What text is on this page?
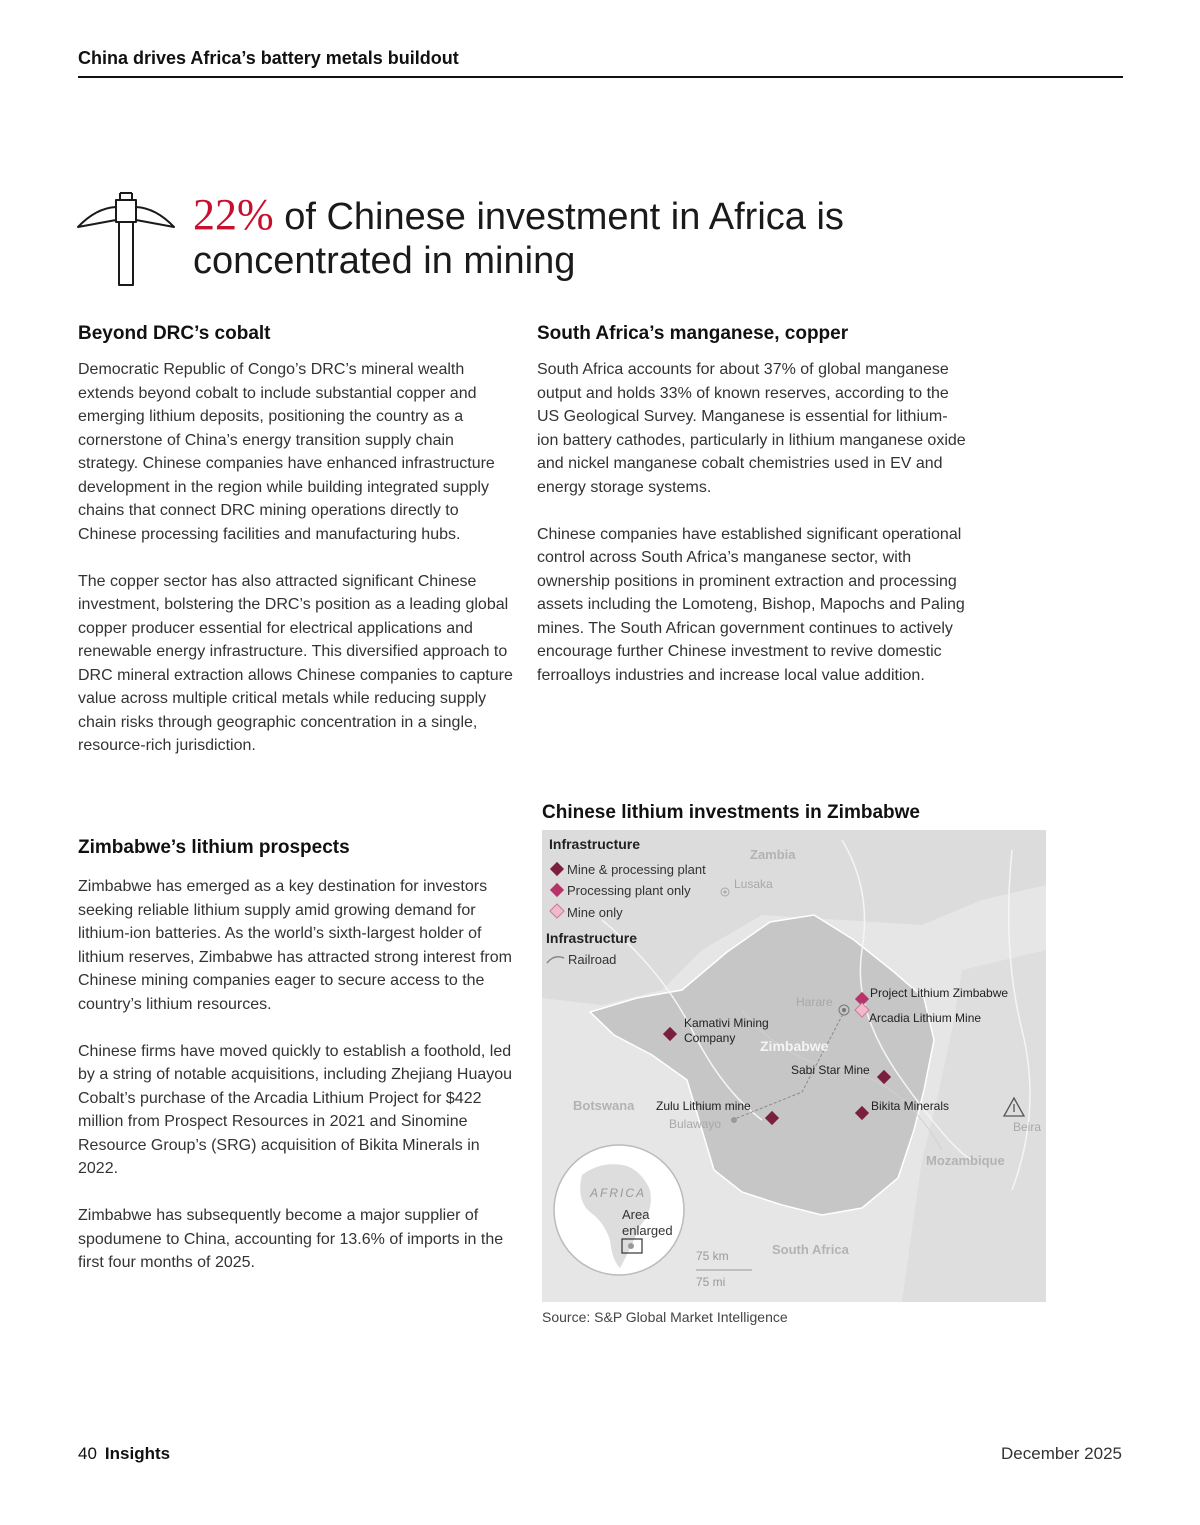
China drives Africa’s battery metals buildout
22% of Chinese investment in Africa is
concentrated in mining
Beyond DRC’s cobalt

Democratic Republic of Congo’s DRC’s mineral wealth extends beyond cobalt to include substantial copper and emerging lithium deposits, positioning the country as a cornerstone of China’s energy transition supply chain strategy. Chinese companies have enhanced infrastructure development in the region while building integrated supply chains that connect DRC mining operations directly to Chinese processing facilities and manufacturing hubs.

The copper sector has also attracted significant Chinese investment, bolstering the DRC’s position as a leading global copper producer essential for electrical applications and renewable energy infrastructure. This diversified approach to DRC mineral extraction allows Chinese companies to capture value across multiple critical metals while reducing supply chain risks through geographic concentration in a single, resource-rich jurisdiction.

Zimbabwe’s lithium prospects

Zimbabwe has emerged as a key destination for investors seeking reliable lithium supply amid growing demand for lithium-ion batteries. As the world’s sixth-largest holder of lithium reserves, Zimbabwe has attracted strong interest from Chinese mining companies eager to secure access to the country’s lithium resources.

Chinese firms have moved quickly to establish a foothold, led by a string of notable acquisitions, including Zhejiang Huayou Cobalt’s purchase of the Arcadia Lithium Project for $422 million from Prospect Resources in 2021 and Sinomine Resource Group’s (SRG) acquisition of Bikita Minerals in 2022.

Zimbabwe has subsequently become a major supplier of spodumene to China, accounting for 13.6% of imports in the first four months of 2025.

South Africa’s manganese, copper

South Africa accounts for about 37% of global manganese output and holds 33% of known reserves, according to the US Geological Survey. Manganese is essential for lithium-ion battery cathodes, particularly in lithium manganese oxide and nickel manganese cobalt chemistries used in EV and energy storage systems.

Chinese companies have established significant operational control across South Africa’s manganese sector, with ownership positions in prominent extraction and processing assets including the Lomoteng, Bishop, Mapochs and Paling mines. The South African government continues to actively encourage further Chinese investment to revive domestic ferroalloys industries and increase local value addition.

Chinese lithium investments in Zimbabwe
Infrastructure
Mine & processing plant
Processing plant only
Mine only
Infrastructure
Railroad
Zambia
Zimbabwe
Botswana
Mozambique
South Africa
Lusaka
Harare
Bulawayo	Beira
Project Lithium Zimbabwe
Arcadia Lithium Mine
Kamativi Mining
Company
Sabi Star Mine
Zulu Lithium mine	Bikita Minerals
AFRICA
Area
enlarged
75 km
75 mi
Source: S&P Global Market Intelligence
40 Insights	December 2025
